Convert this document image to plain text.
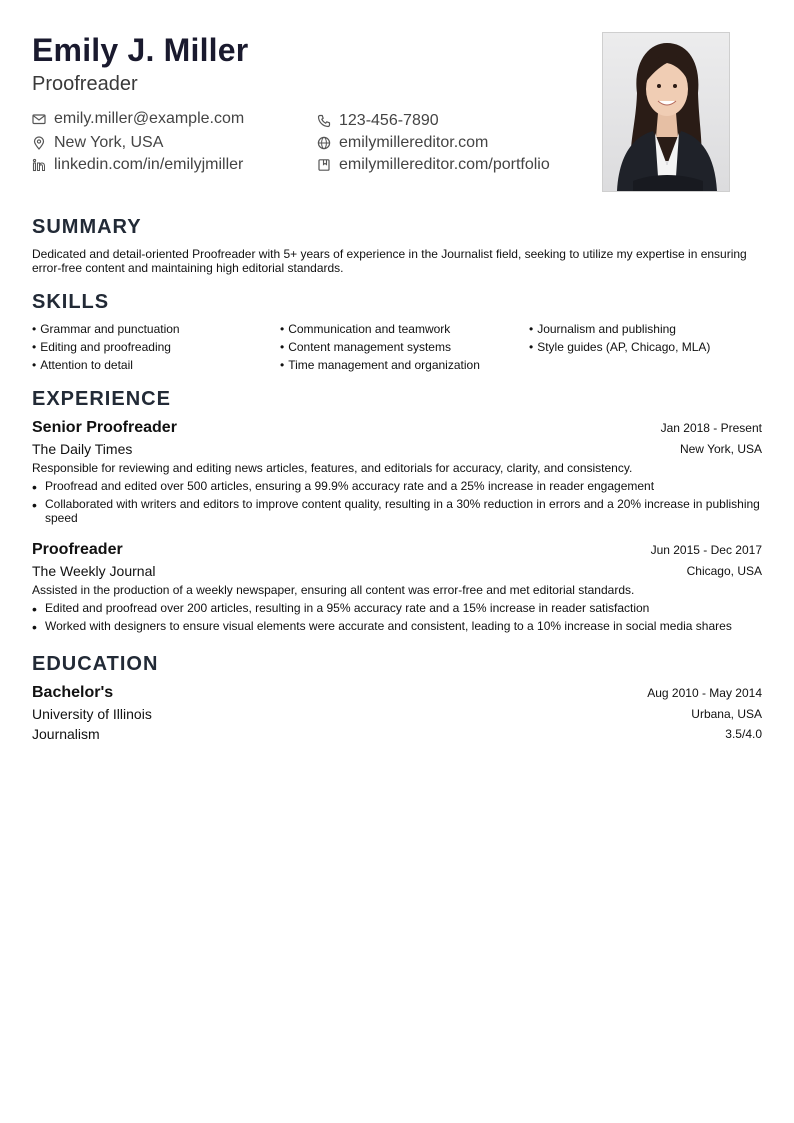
Emily J. Miller
Proofreader
emily.miller@example.com
New York, USA
linkedin.com/in/emilyjmiller
123-456-7890
emilymillereditor.com
emilymillereditor.com/portfolio
SUMMARY
Dedicated and detail-oriented Proofreader with 5+ years of experience in the Journalist field, seeking to utilize my expertise in ensuring error-free content and maintaining high editorial standards.
SKILLS
• Grammar and punctuation	• Communication and teamwork	• Journalism and publishing
• Editing and proofreading	• Content management systems	• Style guides (AP, Chicago, MLA)
• Attention to detail	• Time management and organization
EXPERIENCE
Senior Proofreader	Jan 2018 - Present
The Daily Times	New York, USA
Responsible for reviewing and editing news articles, features, and editorials for accuracy, clarity, and consistency.
• Proofread and edited over 500 articles, ensuring a 99.9% accuracy rate and a 25% increase in reader engagement
• Collaborated with writers and editors to improve content quality, resulting in a 30% reduction in errors and a 20% increase in publishing speed
Proofreader	Jun 2015 - Dec 2017
The Weekly Journal	Chicago, USA
Assisted in the production of a weekly newspaper, ensuring all content was error-free and met editorial standards.
• Edited and proofread over 200 articles, resulting in a 95% accuracy rate and a 15% increase in reader satisfaction
• Worked with designers to ensure visual elements were accurate and consistent, leading to a 10% increase in social media shares
EDUCATION
Bachelor's	Aug 2010 - May 2014
University of Illinois	Urbana, USA
Journalism	3.5/4.0
